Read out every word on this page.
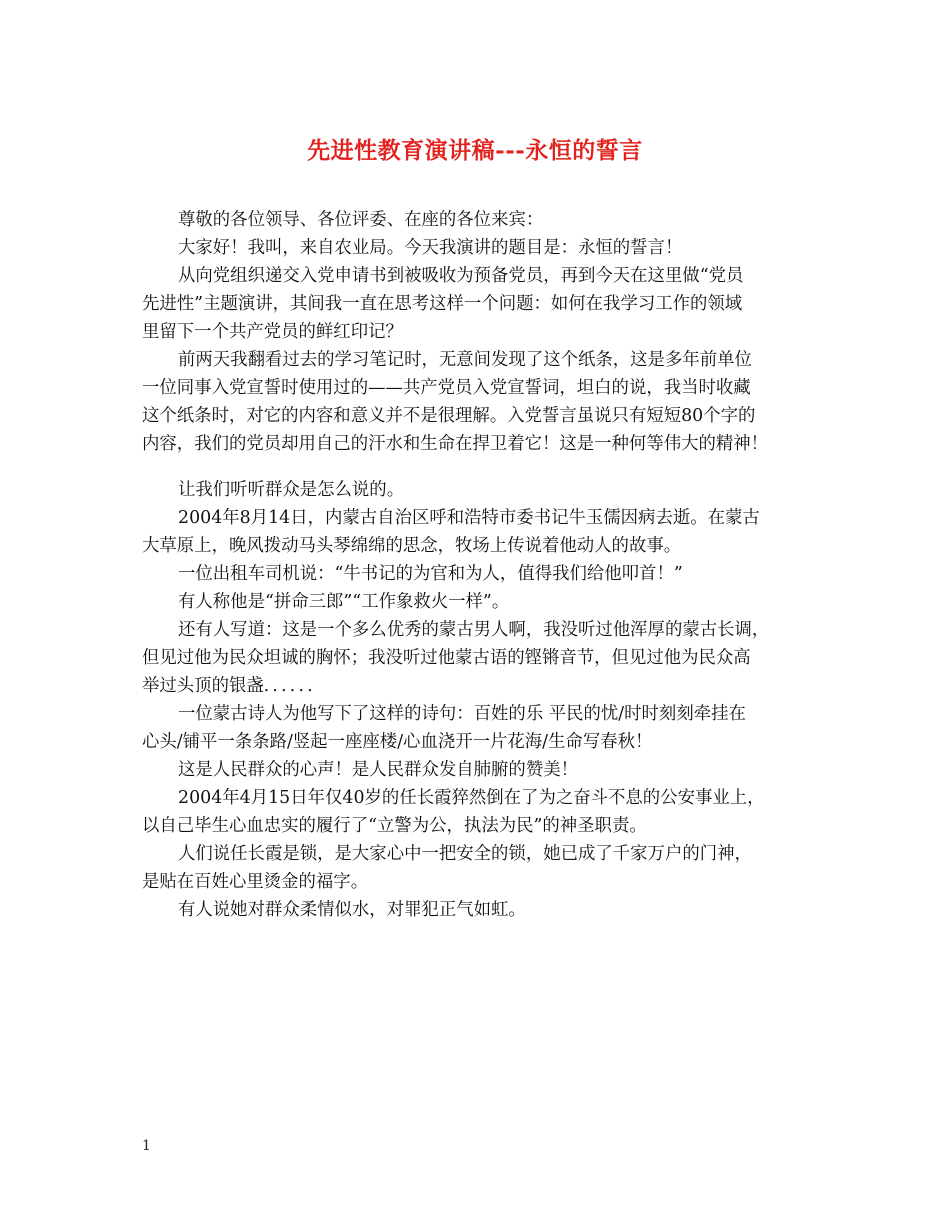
先进性教育演讲稿---永恒的誓言

尊敬的各位领导、各位评委、在座的各位来宾：

大家好！我叫，来自农业局。今天我演讲的题目是：永恒的誓言！

从向党组织递交入党申请书到被吸收为预备党员，再到今天在这里做“党员
先进性”主题演讲，其间我一直在思考这样一个问题：如何在我学习工作的领域
里留下一个共产党员的鲜红印记？

前两天我翻看过去的学习笔记时，无意间发现了这个纸条，这是多年前单位
一位同事入党宣誓时使用过的——共产党员入党宣誓词，坦白的说，我当时收藏
这个纸条时，对它的内容和意义并不是很理解。入党誓言虽说只有短短80个字的
内容，我们的党员却用自己的汗水和生命在捍卫着它！这是一种何等伟大的精神！

让我们听听群众是怎么说的。

2004年8月14日，内蒙古自治区呼和浩特市委书记牛玉儒因病去逝。在蒙古
大草原上，晚风拨动马头琴绵绵的思念，牧场上传说着他动人的故事。

一位出租车司机说：“牛书记的为官和为人，值得我们给他叩首！”

有人称他是“拼命三郎”“工作象救火一样”。

还有人写道：这是一个多么优秀的蒙古男人啊，我没听过他浑厚的蒙古长调，
但见过他为民众坦诚的胸怀；我没听过他蒙古语的铿锵音节，但见过他为民众高
举过头顶的银盏．．．．．．

一位蒙古诗人为他写下了这样的诗句：百姓的乐 平民的忧/时时刻刻牵挂在
心头/铺平一条条路/竖起一座座楼/心血浇开一片花海/生命写春秋！

这是人民群众的心声！是人民群众发自肺腑的赞美！

2004年4月15日年仅40岁的任长霞猝然倒在了为之奋斗不息的公安事业上，
以自己毕生心血忠实的履行了“立警为公，执法为民”的神圣职责。

人们说任长霞是锁，是大家心中一把安全的锁，她已成了千家万户的门神，
是贴在百姓心里烫金的福字。

有人说她对群众柔情似水，对罪犯正气如虹。

1
